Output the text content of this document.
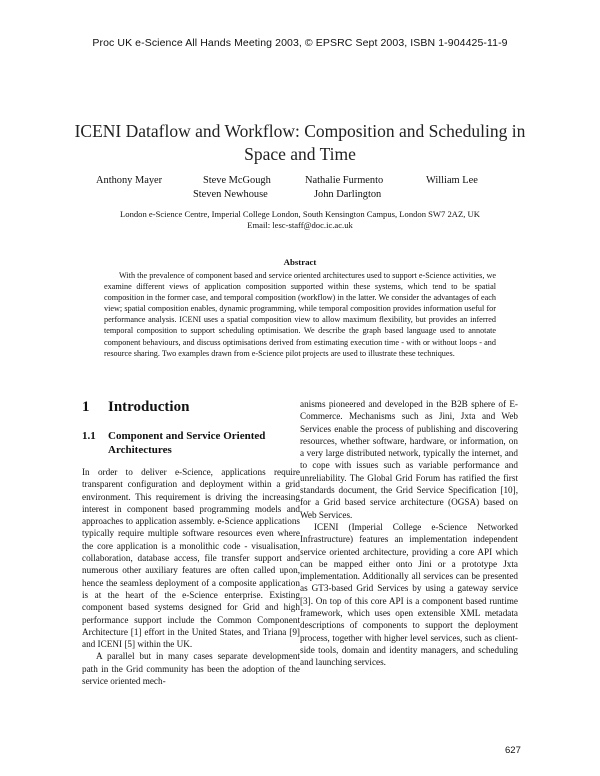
Proc UK e-Science All Hands Meeting 2003, © EPSRC Sept 2003, ISBN 1-904425-11-9
ICENI Dataflow and Workflow: Composition and Scheduling in Space and Time
Anthony Mayer	Steve McGough	Nathalie Furmento	William Lee
Steven Newhouse	John Darlington
London e-Science Centre, Imperial College London, South Kensington Campus, London SW7 2AZ, UK
Email: lesc-staff@doc.ic.ac.uk
Abstract

With the prevalence of component based and service oriented architectures used to support e-Science activities, we examine different views of application composition supported within these systems, which tend to be spatial composition in the former case, and temporal composition (workflow) in the latter. We consider the advantages of each view; spatial composition enables, dynamic programming, while temporal composition provides information useful for performance analysis. ICENI uses a spatial composition view to allow maximum flexibility, but provides an inferred temporal composition to support scheduling optimisation. We describe the graph based language used to annotate component behaviours, and discuss optimisations derived from estimating execution time - with or without loops - and resource sharing. Two examples drawn from e-Science pilot projects are used to illustrate these techniques.

1 Introduction
1.1	Component and Service Oriented Architectures

In order to deliver e-Science, applications require transparent configuration and deployment within a grid environment. This requirement is driving the increasing interest in component based programming models and approaches to application assembly. e-Science applications typically require multiple software resources even where the core application is a monolithic code - visualisation, collaboration, database access, file transfer support and numerous other auxiliary features are often called upon, hence the seamless deployment of a composite application is at the heart of the e-Science enterprise. Existing component based systems designed for Grid and high performance support include the Common Component Architecture [1] effort in the United States, and Triana [9] and ICENI [5] within the UK.

A parallel but in many cases separate development path in the Grid community has been the adoption of the service oriented mech-

anisms pioneered and developed in the B2B sphere of E-Commerce. Mechanisms such as Jini, Jxta and Web Services enable the process of publishing and discovering resources, whether software, hardware, or information, on a very large distributed network, typically the internet, and to cope with issues such as variable performance and unreliability. The Global Grid Forum has ratified the first standards document, the Grid Service Specification [10], for a Grid based service architecture (OGSA) based on Web Services.

ICENI (Imperial College e-Science Networked Infrastructure) features an implementation independent service oriented architecture, providing a core API which can be mapped either onto Jini or a prototype Jxta implementation. Additionally all services can be presented as GT3-based Grid Services by using a gateway service [3]. On top of this core API is a component based runtime framework, which uses open extensible XML metadata descriptions of components to support the deployment process, together with higher level services, such as client-side tools, domain and identity managers, and scheduling and launching services.

627
